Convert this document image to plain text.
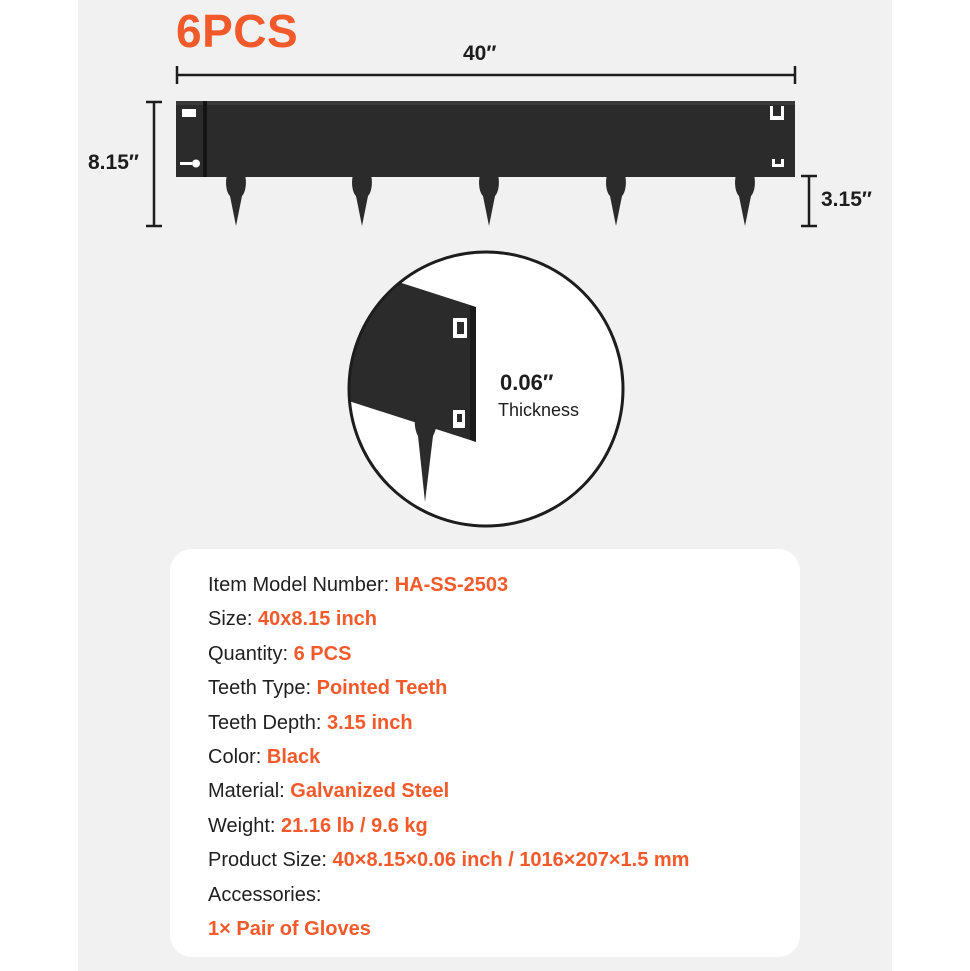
6PCS	40′′
8.15′′
3.15′′
0.06′′
Thickness
Item Model Number: HA-SS-2503
Size: 40x8.15 inch
Quantity: 6 PCS
Teeth Type: Pointed Teeth
Teeth Depth: 3.15 inch
Color: Black
Material: Galvanized Steel
Weight: 21.16 lb / 9.6 kg
Product Size: 40×8.15×0.06 inch / 1016×207×1.5 mm
Accessories:
1× Pair of Gloves
